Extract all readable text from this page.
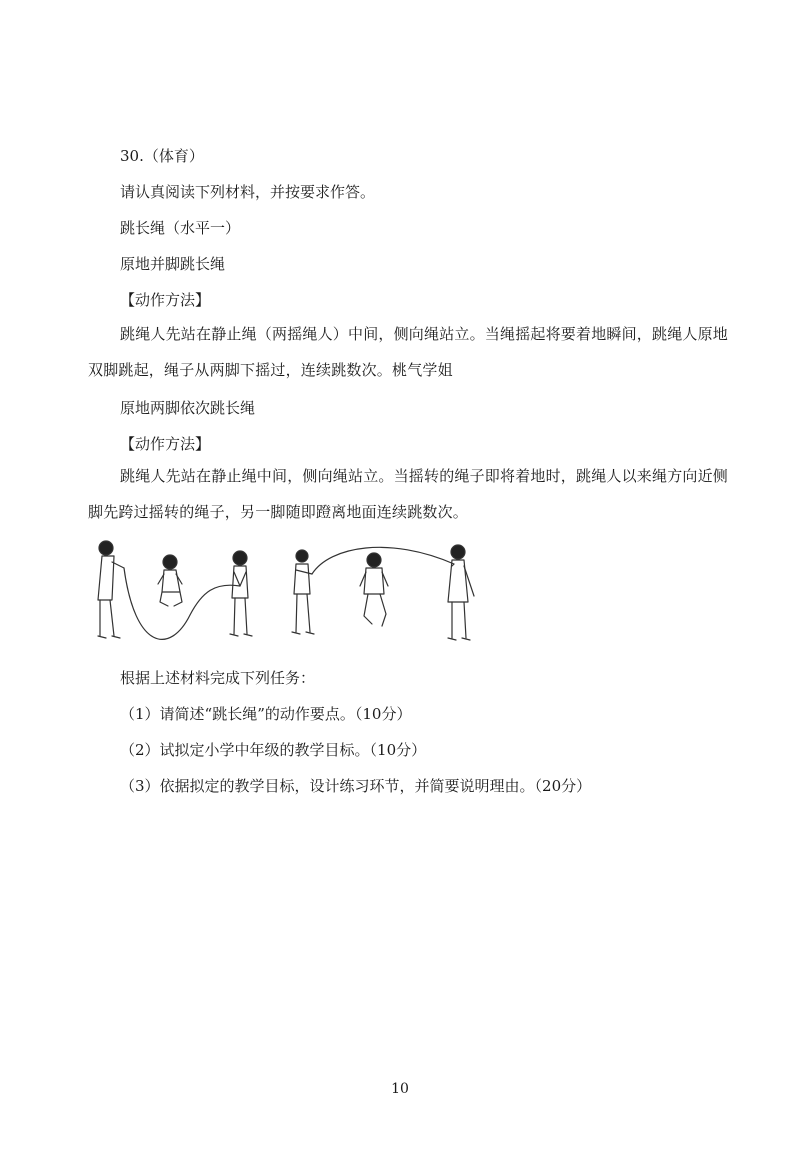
30.（体育）
请认真阅读下列材料，并按要求作答。
跳长绳（水平一）
原地并脚跳长绳
【动作方法】
跳绳人先站在静止绳（两摇绳人）中间，侧向绳站立。当绳摇起将要着地瞬间，跳绳人原地双脚跳起，绳子从两脚下摇过，连续跳数次。桃气学姐
原地两脚依次跳长绳
【动作方法】
跳绳人先站在静止绳中间，侧向绳站立。当摇转的绳子即将着地时，跳绳人以来绳方向近侧脚先跨过摇转的绳子，另一脚随即蹬离地面连续跳数次。
根据上述材料完成下列任务：
（1）请简述“跳长绳”的动作要点。（10分）
（2）试拟定小学中年级的教学目标。（10分）
（3）依据拟定的教学目标，设计练习环节，并简要说明理由。（20分）
10
